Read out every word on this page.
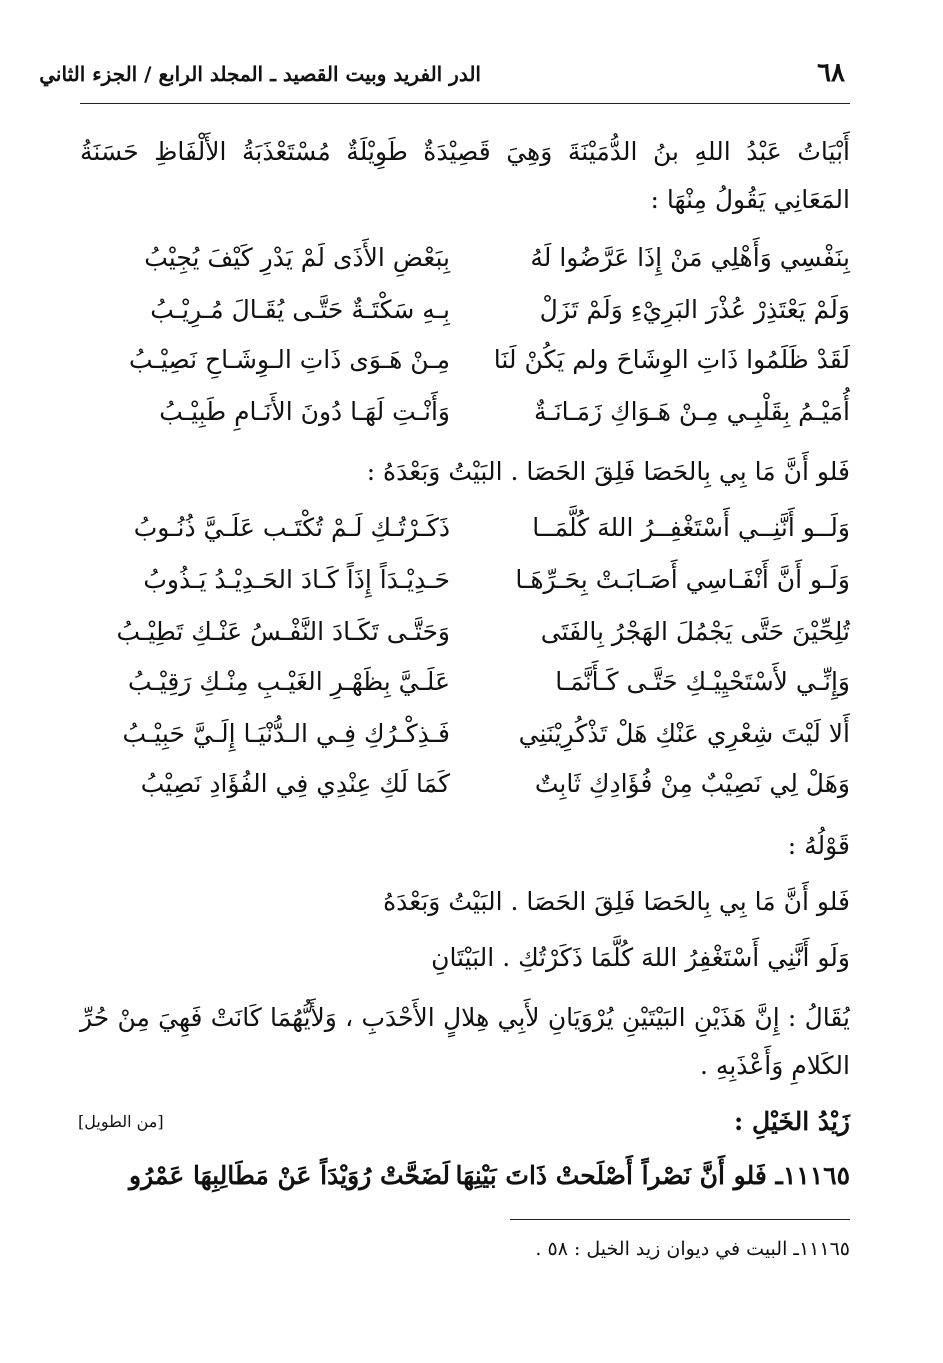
٦٨
الدر الفريد وبيت القصيد ـ المجلد الرابع / الجزء الثاني
أَبْيَاتُ عَبْدُ اللهِ بنُ الدُّمَيْنَةَ وَهِيَ قَصِيْدَةٌ طَوِيْلَةٌ مُسْتَعْذَبَةُ الأَلْفَاظِ حَسَنَةُ المَعَانِي يَقُولُ مِنْهَا :
بِنَفْسِي وَأَهْلِي مَنْ إِذَا عَرَّضُوا لَهُ
بِبَعْضِ الأَذَى لَمْ يَدْرِ كَيْفَ يُجِيْبُ
وَلَمْ يَعْتَذِرْ عُذْرَ البَرِيْءِ وَلَمْ تَزَلْ
بِـهِ سَكْتَـةٌ حَتَّـى يُقَـالَ مُـرِيْـبُ
لَقَدْ ظَلَمُوا ذَاتِ الوِشَاحَ ولم يَكُنْ لَنَا
مِـنْ هَـوَى ذَاتِ الـوِشَـاحِ نَصِيْـبُ
أُمَيْـمُ بِقَلْبِـي مِـنْ هَـوَاكِ زَمَـانَـةٌ
وَأَنْـتِ لَهَـا دُونَ الأَنَـامِ طَبِيْـبُ
فَلو أَنَّ مَا بِي بِالحَصَا فَلِقَ الحَصَا . البَيْتُ وَبَعْدَهُ :
وَلَــو أَنَّنِــي أَسْتَغْفِــرُ اللهَ كُلَّمَــا
ذَكَـرْتُـكِ لَـمْ تُكْتَـب عَلَـيَّ ذُنُـوبُ
وَلَـو أَنَّ أَنْفَـاسِي أَصَـابَـتْ بِحَـرِّهَـا
حَـدِيْـدَاً إِذَاً كَـادَ الحَـدِيْـدُ يَـذُوبُ
تُلِحِّيْنَ حَتَّى يَجْمُلَ الهَجْرُ بِالفَتَى
وَحَتَّـى تَكَـادَ النَّفْـسُ عَنْـكِ تَطِيْـبُ
وَإِنِّـي لأَسْتَحْيِيْـكِ حَتَّـى كَـأَنَّمَـا
عَلَـيَّ بِظَهْـرِ الغَيْـبِ مِنْـكِ رَقِيْـبُ
أَلا لَيْتَ شِعْرِي عَنْكِ هَلْ تَذْكُرِيْنَنِي
فَـذِكْـرُكِ فِـي الـدُّنْيَـا إِلَـيَّ حَبِيْـبُ
وَهَلْ لِي نَصِيْبٌ مِنْ فُؤَادِكِ ثَابِتٌ
كَمَا لَكِ عِنْدِي فِي الفُؤَادِ نَصِيْبُ
قَوْلُهُ :
فَلو أَنَّ مَا بِي بِالحَصَا فَلِقَ الحَصَا . البَيْتُ وَبَعْدَهُ
وَلَو أَنَّنِي أَسْتَغْفِرُ اللهَ كُلَّمَا ذَكَرْتُكِ . البَيْتَانِ
يُقَالُ : إِنَّ هَذَيْنِ البَيْتَيْنِ يُرْوَيَانِ لأَبِي هِلالٍ الأَحْدَبِ ، وَلأَيُّهُمَا كَانَتْ فَهِيَ مِنْ حُرِّ الكَلامِ وَأَعْذَبِهِ .
زَيْدُ الخَيْلِ :
[من الطويل]
١١١٦٥ـ فَلو أَنَّ نَصْراً أَصْلَحتْ ذَاتَ بَيْنِهَا
لَضَحَّتْ رُوَيْدَاً عَنْ مَطَالِبِهَا عَمْرُو
١١١٦٥ـ البيت في ديوان زيد الخيل : ٥٨ .
